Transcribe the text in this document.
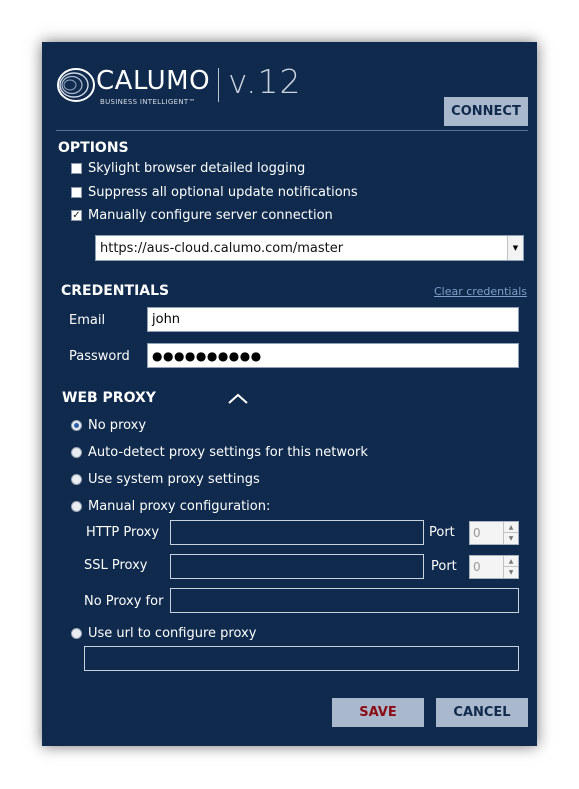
CALUMO
BUSINESS INTELLIGENT™
v.12
CONNECT
OPTIONS
Skylight browser detailed logging
Suppress all optional update notifications
✓ Manually configure server connection
https://aus-cloud.calumo.com/master	▼
CREDENTIALS	Clear credentials
Email	john
Password ●●●●●●●●●●
WEB PROXY
No proxy
Auto-detect proxy settings for this network
Use system proxy settings
Manual proxy configuration:
HTTP Proxy	Port 0	▲
▼
SSL Proxy	Port 0	▲
▼
No Proxy for
Use url to configure proxy
SAVE	CANCEL
